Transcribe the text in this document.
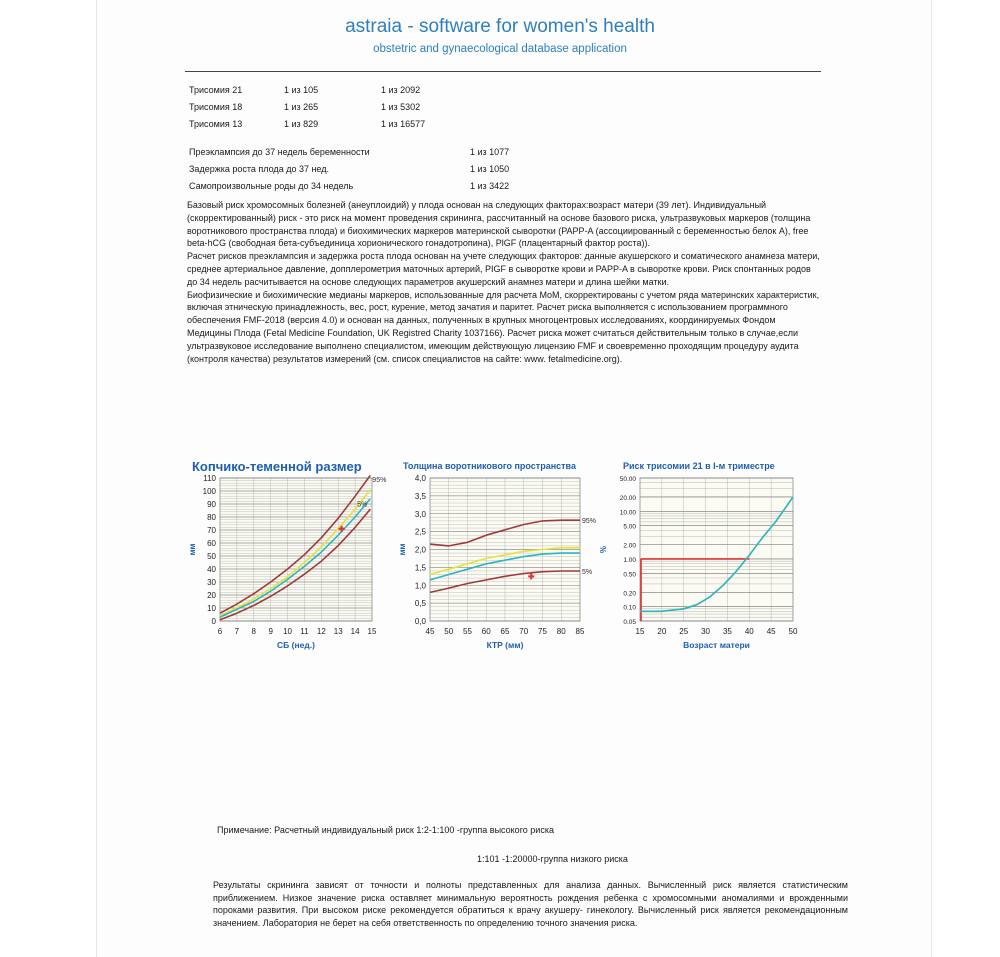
astraia - software for women's health
obstetric and gynaecological database application
Трисомия 21	1 из 105	1 из 2092
Трисомия 18	1 из 265	1 из 5302
Трисомия 13	1 из 829	1 из 16577
Преэклампсия до 37 недель беременности	1 из 1077
Задержка роста плода до 37 нед.	1 из 1050
Самопроизвольные роды до 34 недель	1 из 3422

Базовый риск хромосомных болезней (анеуплоидий) у плода основан на следующих факторах:возраст матери (39 лет). Индивидуальный (скорректированный) риск - это риск на момент проведения скрининга, рассчитанный на основе базового риска, ультразвуковых маркеров (толщина воротникового пространства плода) и биохимических маркеров материнской сыворотки (PAPP-A (ассоциированный с беременностью белок A), free beta-hCG (свободная бета-субъединица хорионического гонадотропина), PlGF (плацентарный фактор роста)).

Расчет рисков преэклампсия и задержка роста плода основан на учете следующих факторов: данные акушерского и соматического анамнеза матери, среднее артериальное давление, допплерометрия маточных артерий, PIGF в сыворотке крови и PAPP-A в сыворотке крови. Риск спонтанных родов до 34 недель расчитывается на основе следующих параметров акушерский анамнез матери и длина шейки матки.

Биофизические и биохимические медианы маркеров, использованные для расчета MoM, скорректированы с учетом ряда материнских характеристик, включая этническую принадлежность, вес, рост, курение, метод зачатия и паритет. Расчет риска выполняется с использованием программного обеспечения FMF-2018 (версия 4.0) и основан на данных, полученных в крупных многоцентровых исследованиях, координируемых Фондом Медицины Плода (Fetal Medicine Foundation, UK Registred Charity 1037166). Расчет риска может считаться действительным только в случае,если ультразвуковое исследование выполнено специалистом, имеющим действующую лицензию FMF и своевременно проходящим процедуру аудита (контроля качества) результатов измерений (см. список специалистов на сайте: www. fetalmedicine.org).

Копчико-теменной размер	Толщина воротникового пространства	Риск трисомии 21 в I-м триместре
0
10
20
30
40
50
60
70
80
90
100
110
6 7 8 9 10 11 12 13 14 15
СБ (нед.)
мм
95%
5%
0,0
0,5
1,0
1,5
2,0
2,5
3,0
3,5
4,0
45 50 55 60 65 70 75 80 85
КТР (мм)
мм
95%
5%
0.05
0.10
0.20
0.50
1.00
2.00
5.00
10.00
20.00
50.00
15 20 25 30 35 40 45 50
Возраст матери
%
Примечание: Расчетный индивидуальный риск 1:2-1:100 -группа высокого риска
1:101 -1:20000-группа низкого риска
Результаты скрининга зависят от точности и полноты представленных для анализа данных. Вычисленный риск является статистическим приближением. Низкое значение риска оставляет минимальную вероятность рождения ребенка с хромосомными аномалиями и врожденными пороками развития. При высоком риске рекомендуется обратиться к врачу акушеру- гинекологу. Вычисленный риск является рекомендационным значением. Лаборатория не берет на себя ответственность по определению точного значения риска.
